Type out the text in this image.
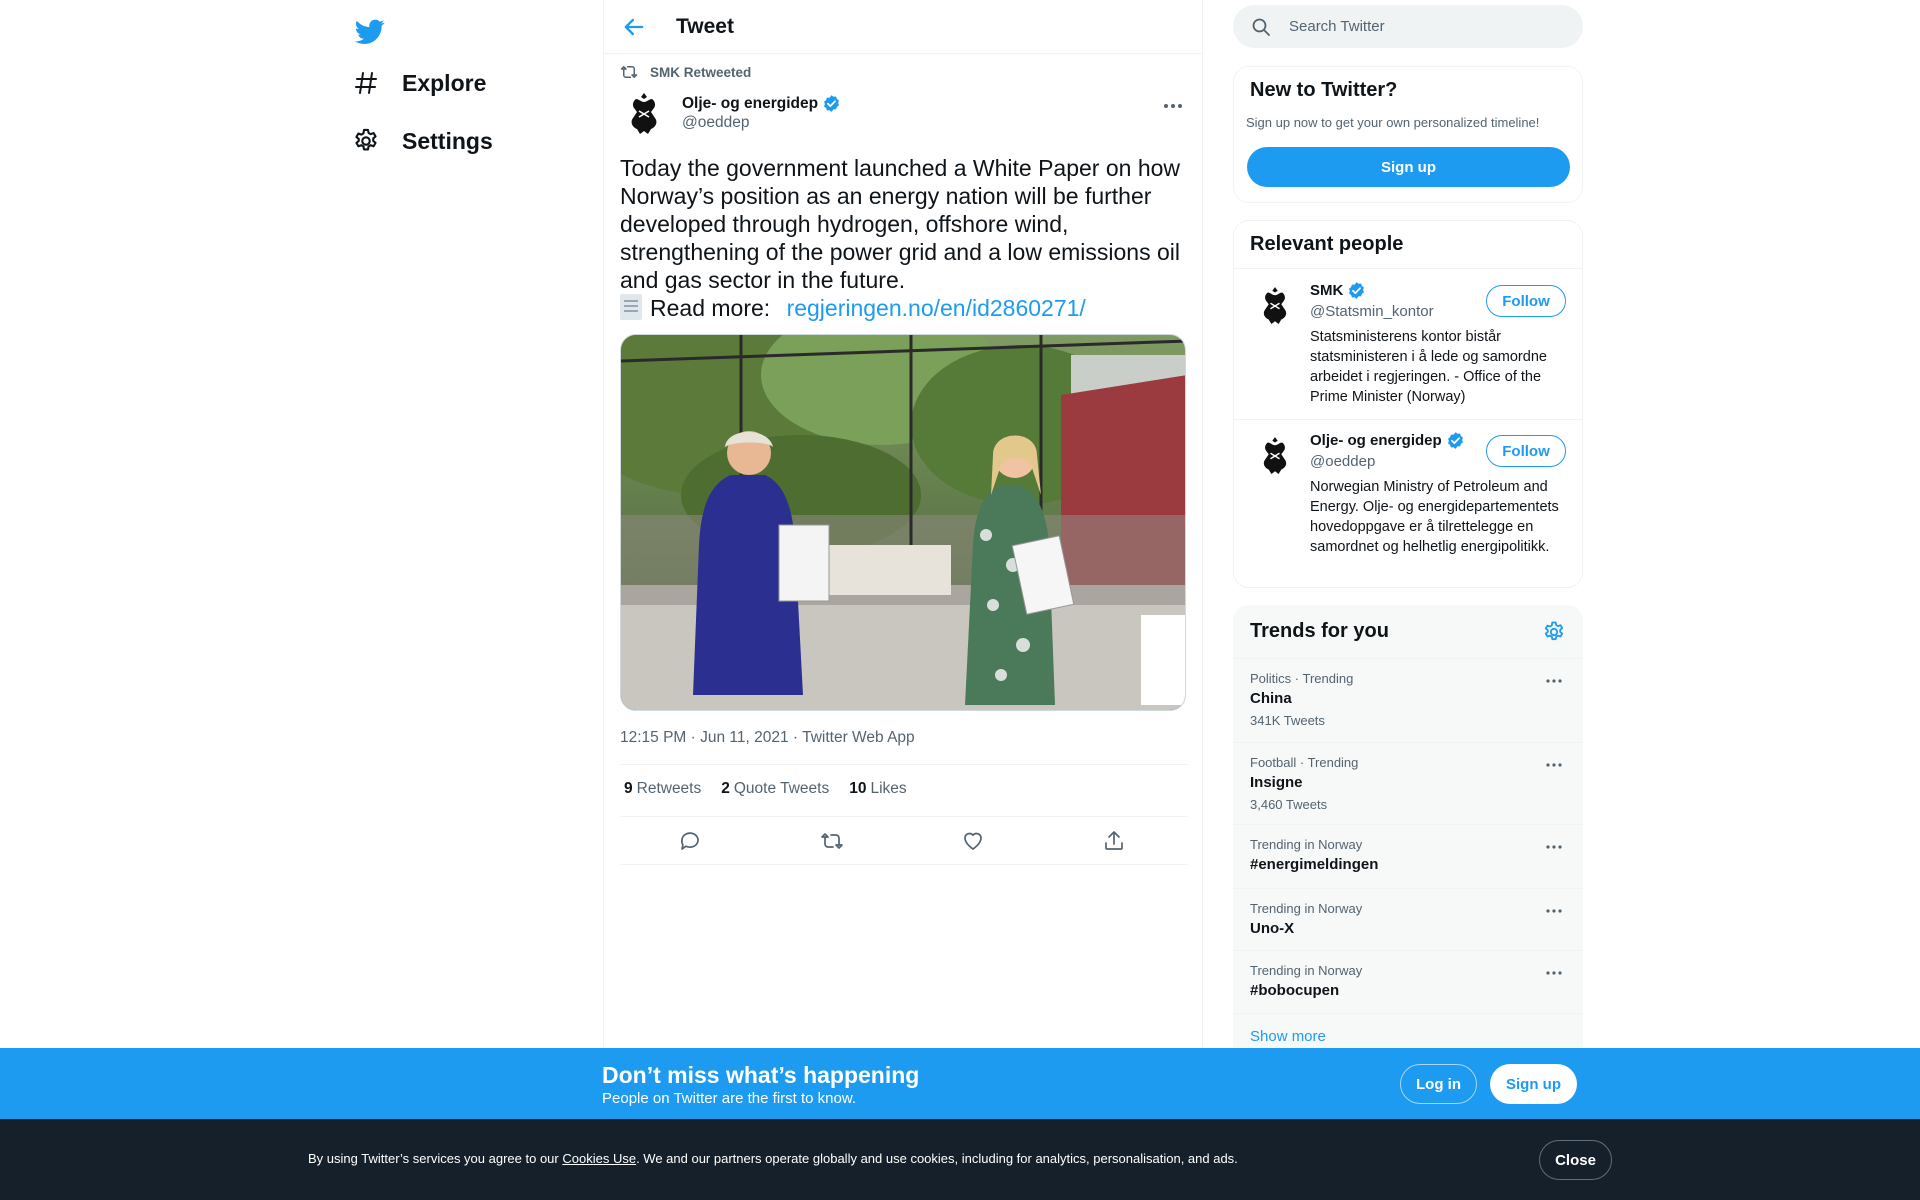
Explore
Settings
Tweet
SMK Retweeted
Olje- og energidep
@oeddep
Today the government launched a White Paper on how Norway’s position as an energy nation will be further developed through hydrogen, offshore wind, strengthening of the power grid and a low emissions oil and gas sector in the future.

Read more: regjeringen.no/en/id2860271/
12:15 PM · Jun 11, 2021 · Twitter Web App
9 Retweets 2 Quote Tweets 10 Likes
Search Twitter
New to Twitter?
Sign up now to get your own personalized timeline!
Sign up
Relevant people
SMK
@Statsmin_kontor
Statsministerens kontor bistår statsministeren i å lede og samordne arbeidet i regjeringen. - Office of the Prime Minister (Norway)
Follow
Olje- og energidep
@oeddep
Norwegian Ministry of Petroleum and Energy. Olje- og energidepartementets hovedoppgave er å tilrettelegge en samordnet og helhetlig energipolitikk.
Follow
Trends for you
Politics · Trending
China
341K Tweets
Football · Trending
Insigne
3,460 Tweets
Trending in Norway
#energimeldingen
Trending in Norway
Uno-X
Trending in Norway
#bobocupen
Show more
Don’t miss what’s happening
People on Twitter are the first to know.
Log in	Sign up
By using Twitter’s services you agree to our Cookies Use. We and our partners operate globally and use cookies, including for analytics, personalisation, and ads.	Close
